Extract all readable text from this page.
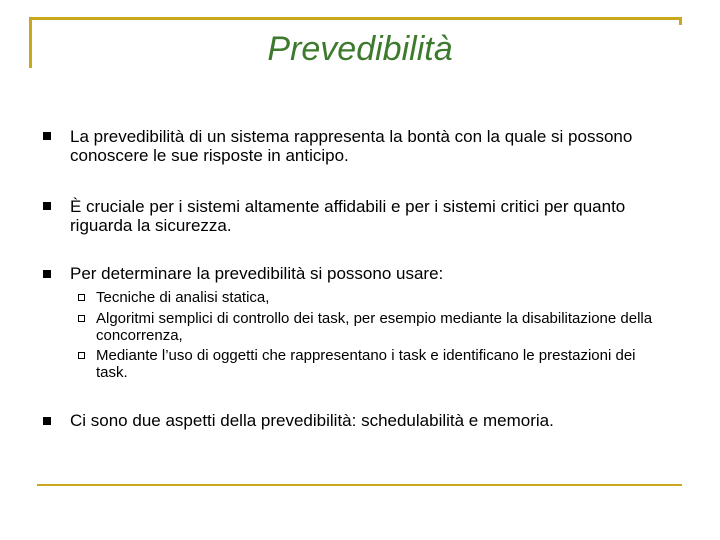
Prevedibilità
La prevedibilità di un sistema rappresenta la bontà con la quale si possono conoscere le sue risposte in anticipo.
È cruciale per i sistemi altamente affidabili e per i sistemi critici per quanto riguarda la sicurezza.
Per determinare la prevedibilità si possono usare:
Tecniche di analisi statica,
Algoritmi semplici di controllo dei task, per esempio mediante la disabilitazione della concorrenza,
Mediante l’uso di oggetti che rappresentano i task e identificano le prestazioni dei task.
Ci sono due aspetti della prevedibilità: schedulabilità e memoria.
